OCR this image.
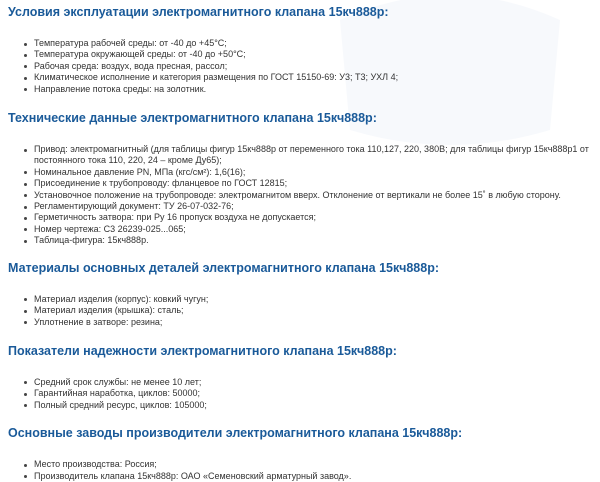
Условия эксплуатации электромагнитного клапана 15кч888р:
Температура рабочей среды: от -40 до +45°С;
Температура окружающей среды: от -40 до +50°С;
Рабочая среда: воздух, вода пресная, рассол;
Климатическое исполнение и категория размещения по ГОСТ 15150-69: У3; Т3; УХЛ 4;
Направление потока среды: на золотник.
Технические данные электромагнитного клапана 15кч888р:
Привод: электромагнитный (для таблицы фигур 15кч888р от переменного тока 110,127, 220, 380В; для таблицы фигур 15кч888р1 от постоянного тока 110, 220, 24 – кроме Ду65);
Номинальное давление PN, МПа (кгс/см²): 1,6(16);
Присоединение к трубопроводу: фланцевое по ГОСТ 12815;
Установочное положение на трубопроводе: электромагнитом вверх. Отклонение от вертикали не более 15˚ в любую сторону.
Регламентирующий документ: ТУ 26-07-032-76;
Герметичность затвора: при Ру 16 пропуск воздуха не допускается;
Номер чертежа: С3 26239-025...065;
Таблица-фигура: 15кч888р.
Материалы основных деталей электромагнитного клапана 15кч888р:
Материал изделия (корпус): ковкий чугун;
Материал изделия (крышка): сталь;
Уплотнение в затворе: резина;
Показатели надежности электромагнитного клапана 15кч888р:
Средний срок службы: не менее 10 лет;
Гарантийная наработка, циклов: 50000;
Полный средний ресурс, циклов: 105000;
Основные заводы производители электромагнитного клапана 15кч888р:
Место производства: Россия;
Производитель клапана 15кч888р: ОАО «Семеновский арматурный завод».
